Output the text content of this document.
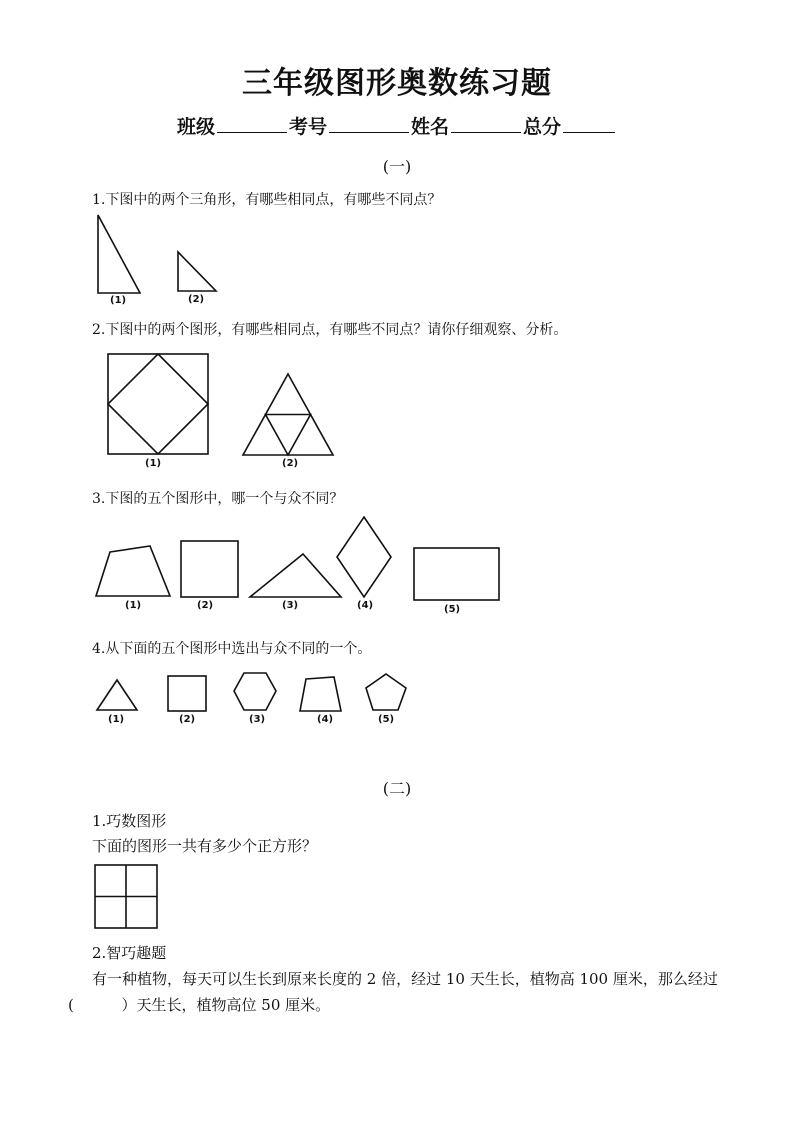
三年级图形奥数练习题
班级	考号	姓名	总分
(一)
1.下图中的两个三角形，有哪些相同点，有哪些不同点？
(1)	(2)
(1)	(2)
(1)	(2)	(3)	(4)	(5)
(1)	(2)	(3)	(4)	(5)
2.下图中的两个图形，有哪些相同点，有哪些不同点？请你仔细观察、分析。
3.下图的五个图形中，哪一个与众不同？
4.从下面的五个图形中选出与众不同的一个。
(二)
1.巧数图形
下面的图形一共有多少个正方形？
2.智巧趣题
有一种植物，每天可以生长到原来长度的 2 倍，经过 10 天生长，植物高 100 厘米，那么经过
(          ）天生长，植物高位 50 厘米。
